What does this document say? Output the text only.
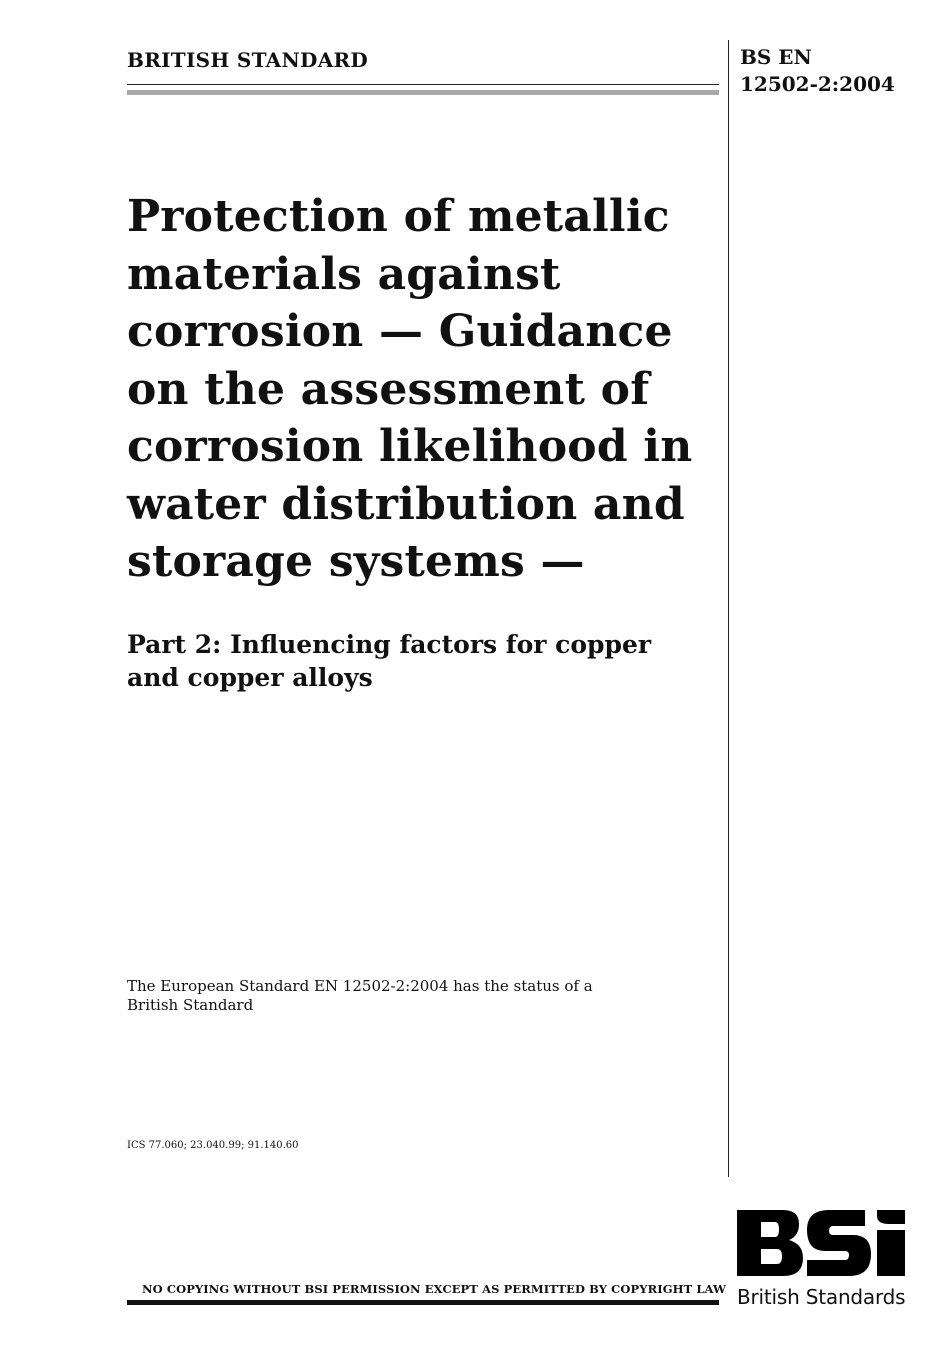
BRITISH STANDARD	BS EN
12502-2:2004
Protection of metallic
materials against
corrosion — Guidance
on the assessment of
corrosion likelihood in
water distribution and
storage systems —
Part 2: Influencing factors for copper
and copper alloys
The European Standard EN 12502-2:2004 has the status of a
British Standard
ICS 77.060; 23.040.99; 91.140.60
NO COPYING WITHOUT BSI PERMISSION EXCEPT AS PERMITTED BY COPYRIGHT LAW British Standards
